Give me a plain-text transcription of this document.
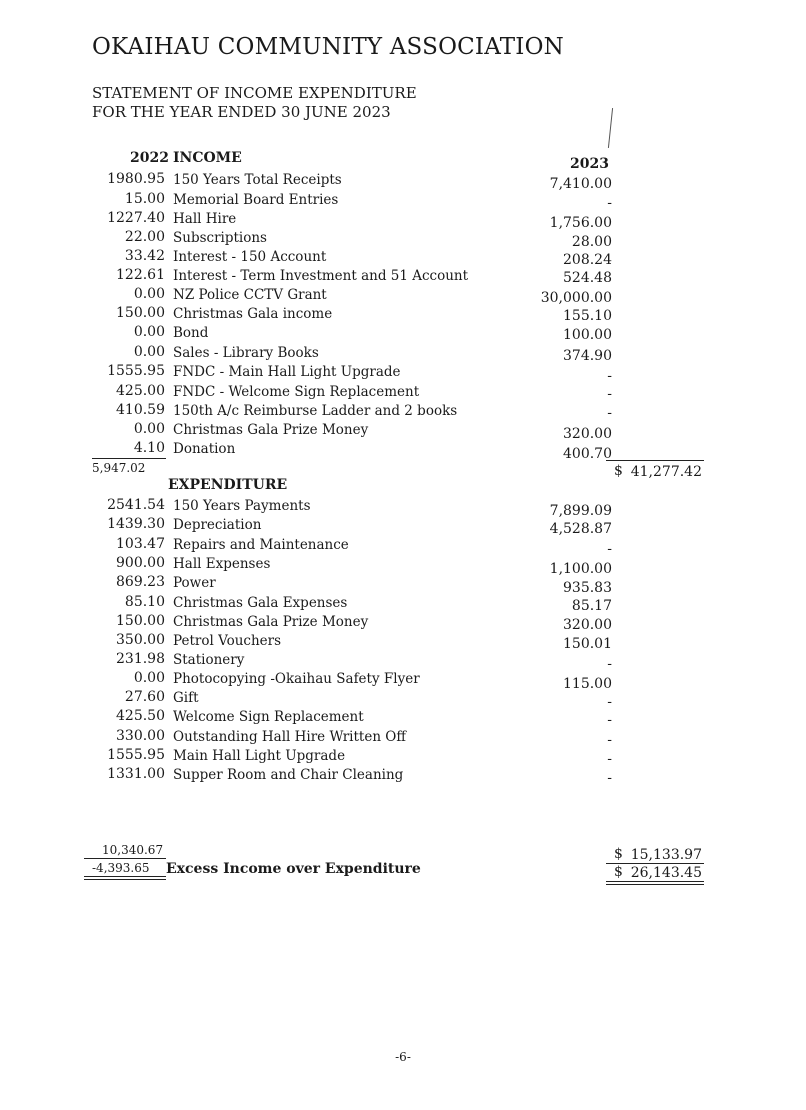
OKAIHAU COMMUNITY ASSOCIATION
STATEMENT OF INCOME EXPENDITURE
FOR THE YEAR ENDED 30 JUNE 2023
2022 INCOME	2023
1980.95 150 Years Total Receipts	7,410.00
15.00 Memorial Board Entries	-
1227.40 Hall Hire	1,756.00
22.00 Subscriptions	28.00
33.42 Interest - 150 Account	208.24
122.61 Interest - Term Investment and 51 Account	524.48
0.00 NZ Police CCTV Grant	30,000.00
150.00 Christmas Gala income	155.10
0.00 Bond	100.00
0.00 Sales - Library Books	374.90
1555.95 FNDC - Main Hall Light Upgrade	-
425.00 FNDC - Welcome Sign Replacement	-
410.59 150th A/c Reimburse Ladder and 2 books	-
0.00 Christmas Gala Prize Money	320.00
4.10 Donation	400.70
5,947.02	$ 41,277.42
EXPENDITURE
2541.54 150 Years Payments	7,899.09
1439.30 Depreciation	4,528.87
103.47 Repairs and Maintenance	-
900.00 Hall Expenses	1,100.00
869.23 Power	935.83
85.10 Christmas Gala Expenses	85.17
150.00 Christmas Gala Prize Money	320.00
350.00 Petrol Vouchers	150.01
231.98 Stationery	-
0.00 Photocopying -Okaihau Safety Flyer	115.00
27.60 Gift	-
425.50 Welcome Sign Replacement	-
330.00 Outstanding Hall Hire Written Off	-
1555.95 Main Hall Light Upgrade	-
1331.00 Supper Room and Chair Cleaning	-
10,340.67	$ 15,133.97
-4,393.65 Excess Income over Expenditure	$ 26,143.45
-6-
